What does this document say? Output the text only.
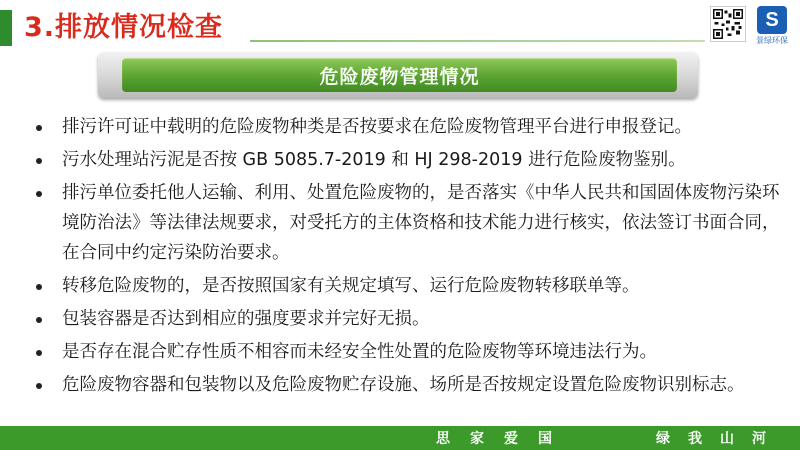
3.排放情况检查	S
景绿环保
危险废物管理情况
排污许可证中载明的危险废物种类是否按要求在危险废物管理平台进行申报登记。
污水处理站污泥是否按 GB 5085.7-2019 和 HJ 298-2019 进行危险废物鉴别。
排污单位委托他人运输、利用、处置危险废物的，是否落实《中华人民共和国固体废物污染环境防治法》等法律法规要求，对受托方的主体资格和技术能力进行核实，依法签订书面合同，在合同中约定污染防治要求。
转移危险废物的，是否按照国家有关规定填写、运行危险废物转移联单等。
包装容器是否达到相应的强度要求并完好无损。
是否存在混合贮存性质不相容而未经安全性处置的危险废物等环境违法行为。
危险废物容器和包装物以及危险废物贮存设施、场所是否按规定设置危险废物识别标志。
思家爱国	绿我山河
